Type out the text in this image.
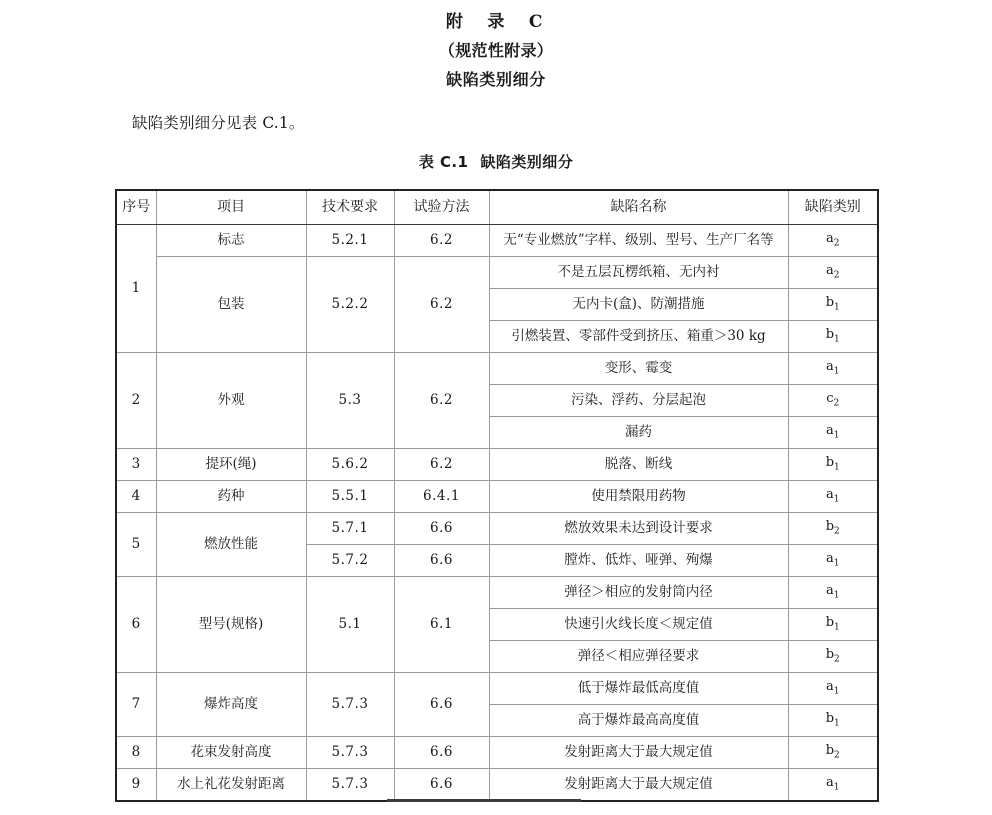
附　录　C

（规范性附录）

缺陷类别细分

缺陷类别细分见表 C.1。

表 C.1 缺陷类别细分

序号	项目	技术要求	试验方法	缺陷名称	缺陷类别
1	标志	5.2.1	6.2	无“专业燃放”字样、级别、型号、生产厂名等	$a_2$
	包装	5.2.2	6.2	不是五层瓦楞纸箱、无内衬	$a_2$
				无内卡(盒)、防潮措施	$b_1$
				引燃装置、零部件受到挤压、箱重＞30 kg	$b_1$
2	外观	5.3	6.2	变形、霉变	$a_1$
				污染、浮药、分层起泡	$c_2$
				漏药	$a_1$
3	提环(绳)	5.6.2	6.2	脱落、断线	$b_1$
4	药种	5.5.1	6.4.1	使用禁限用药物	$a_1$
5	燃放性能	5.7.1	6.6	燃放效果未达到设计要求	$b_2$
		5.7.2	6.6	膛炸、低炸、哑弹、殉爆	$a_1$
6	型号(规格)	5.1	6.1	弹径＞相应的发射筒内径	$a_1$
				快速引火线长度＜规定值	$b_1$
				弹径＜相应弹径要求	$b_2$
7	爆炸高度	5.7.3	6.6	低于爆炸最低高度值	$a_1$
				高于爆炸最高高度值	$b_1$
8	花束发射高度	5.7.3	6.6	发射距离大于最大规定值	$b_2$
9	水上礼花发射距离	5.7.3	6.6	发射距离大于最大规定值	$a_1$
